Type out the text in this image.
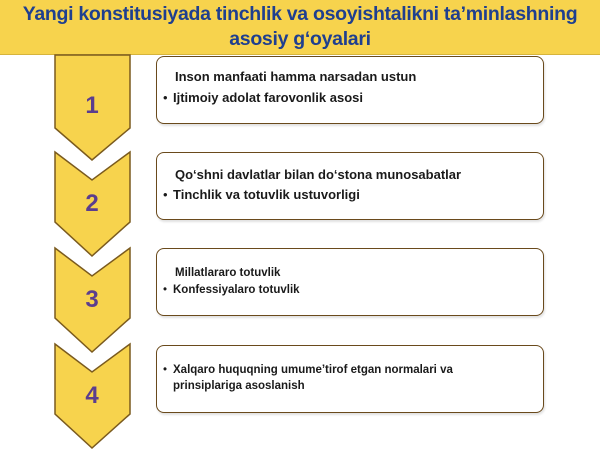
Yangi konstitusiyada tinchlik va osoyishtalikni ta’minlashning
asosiy g‘oyalari
1
2
3
4
Inson manfaati hamma narsadan ustun
• Ijtimoiy adolat farovonlik asosi
Qo‘shni davlatlar bilan do‘stona munosabatlar
• Tinchlik va totuvlik ustuvorligi
Millatlararo totuvlik
• Konfessiyalaro totuvlik
• Xalqaro huquqning umume’tirof etgan normalari va
prinsiplariga asoslanish
